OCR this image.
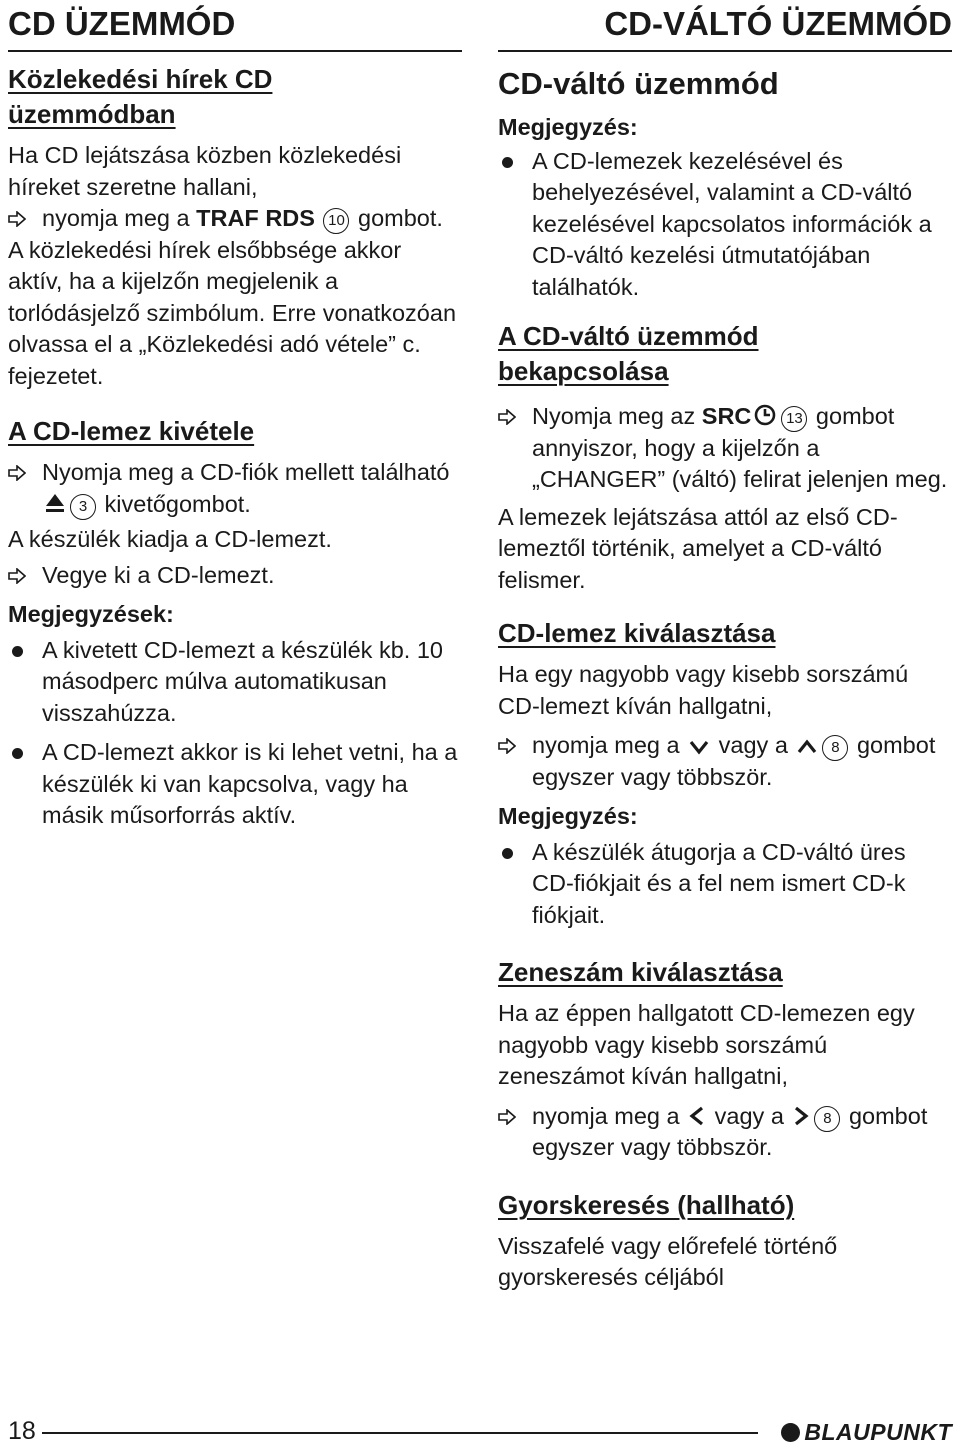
CD ÜZEMMÓD	CD-VÁLTÓ ÜZEMMÓD
Közlekedési hírek CD
üzemmódban

Ha CD lejátszása közben közlekedési híreket szeretne hallani,

nyomja meg a TRAF RDS 10 gombot.

A közlekedési hírek elsőbbsége akkor aktív, ha a kijelzőn megjelenik a torlódásjelző szimbólum. Erre vonatkozóan olvassa el a „Közlekedési adó vétele” c. fejezetet.

A CD-lemez kivétele

Nyomja meg a CD-fiók mellett található 3 kivetőgombot.

A készülék kiadja a CD-lemezt.

Vegye ki a CD-lemezt.

Megjegyzések:

A kivetett CD-lemezt a készülék kb. 10 másodperc múlva automatikusan visszahúzza.

A CD-lemezt akkor is ki lehet vetni, ha a készülék ki van kapcsolva, vagy ha másik műsorforrás aktív.

CD-váltó üzemmód

Megjegyzés:

A CD-lemezek kezelésével és behelyezésével, valamint a CD-váltó kezelésével kapcsolatos információk a CD-váltó kezelési útmutatójában találhatók.

A CD-váltó üzemmód
bekapcsolása

Nyomja meg az SRC 13 gombot annyiszor, hogy a kijelzőn a „CHANGER” (váltó) felirat jelenjen meg.

A lemezek lejátszása attól az első CD-lemeztől történik, amelyet a CD-váltó felismer.

CD-lemez kiválasztása

Ha egy nagyobb vagy kisebb sorszámú CD-lemezt kíván hallgatni,

nyomja meg a  vagy a 8 gombot egyszer vagy többször.

Megjegyzés:

A készülék átugorja a CD-váltó üres CD-fiókjait és a fel nem ismert CD-k fiókjait.

Zeneszám kiválasztása

Ha az éppen hallgatott CD-lemezen egy nagyobb vagy kisebb sorszámú zeneszámot kíván hallgatni,

nyomja meg a  vagy a 8 gombot egyszer vagy többször.

Gyorskeresés (hallható)

Visszafelé vagy előrefelé történő gyorskeresés céljából

18	BLAUPUNKT
